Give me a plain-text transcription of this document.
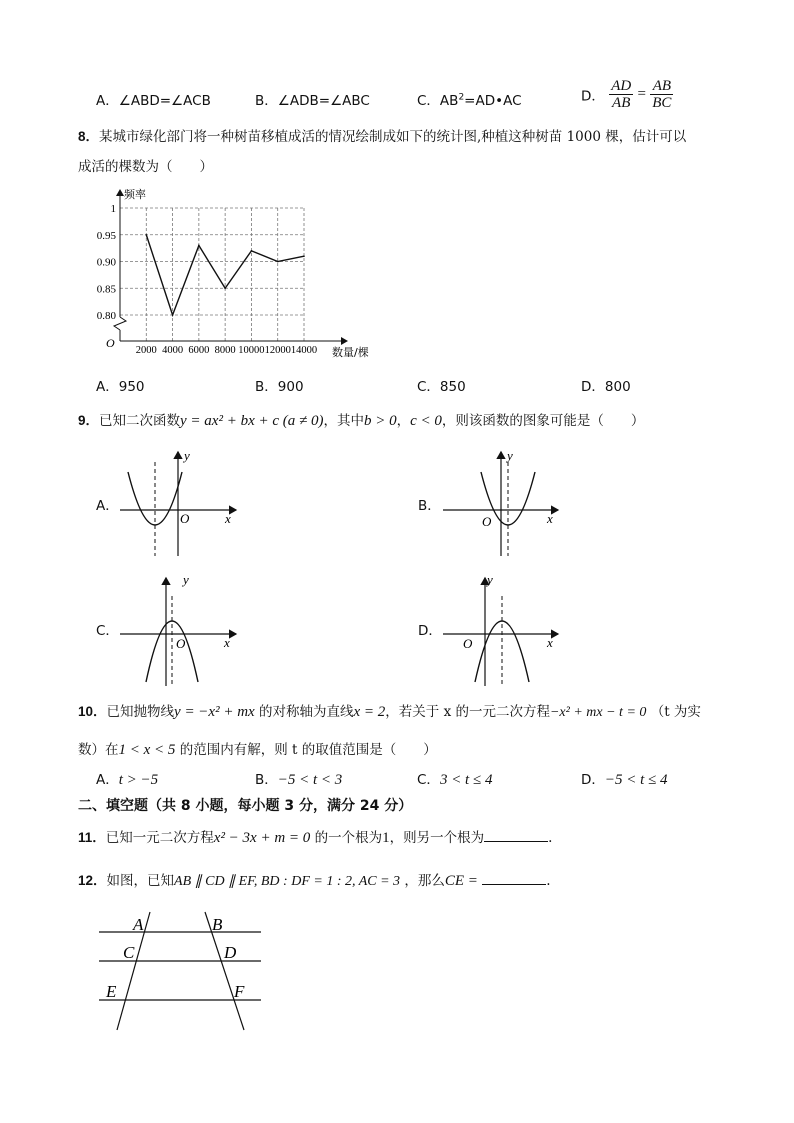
A．∠ABD=∠ACB	B．∠ADB=∠ABC	C．$AB^2=AD•AC$	D． $\frac{AD}{AB} = \frac{AB}{BC}$
8．某城市绿化部门将一种树苗移植成活的情况绘制成如下的统计图,种植这种树苗 1000 棵，估计可以
成活的棵数为（　　）
2000 4000 6000 8000 10000 12000 14000
1
0.95
0.90
0.85
0.80
频率
数量/棵
O
A．950	B．900	C．850	D．800
9．已知二次函数y = ax² + bx + c (a ≠ 0)，其中b > 0，c < 0，则该函数的图象可能是（　　）
A．	B．
C．	D．
x
y
O	x
y
O
x
y
O	x
y
O
10．已知抛物线y = −x² + mx 的对称轴为直线x = 2，若关于 x 的一元二次方程−x² + mx − t = 0 （t 为实
数）在1 < x < 5 的范围内有解，则 t 的取值范围是（　　）
A．t > −5	B．−5 < t < 3	C．3 < t ≤ 4	D．−5 < t ≤ 4
二、填空题（共 8 小题，每小题 3 分，满分 24 分）
11．已知一元二次方程x² − 3x + m = 0 的一个根为1，则另一个根为	.
12．如图，已知AB ∥ CD ∥ EF, BD : DF = 1 : 2, AC = 3 ，那么CE =	.
A	B
C	D
E	F
